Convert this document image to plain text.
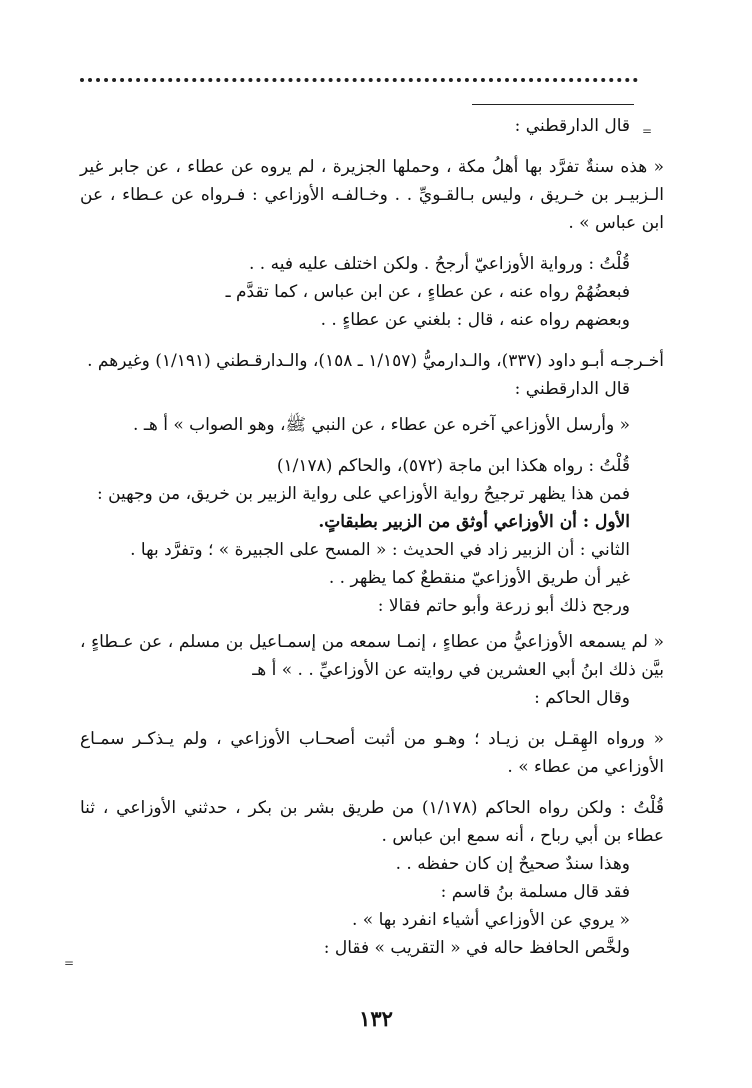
=
=

قال الدارقطني :

« هذه سنةٌ تفرَّد بها أهلُ مكة ، وحملها الجزيرة ، لم يروه عن عطاء ، عن جابر غير الـزبيـر بن خـريق ، وليس بـالقـويِّ . . وخـالفـه الأوزاعي : فـرواه عن عـطاء ، عن ابن عباس » .

قُلْتُ : ورواية الأوزاعيّ أرجحُ . ولكن اختلف عليه فيه . .

فبعضُهُمْ رواه عنه ، عن عطاءٍ ، عن ابن عباس ، كما تقدَّم ـ

وبعضهم رواه عنه ، قال : بلغني عن عطاءٍ . .

أخـرجـه أبـو داود (٣٣٧)، والـدارميُّ (١/١٥٧ ـ ١٥٨)، والـدارقـطني (١/١٩١) وغيرهم .

قال الدارقطني :

« وأرسل الأوزاعي آخره عن عطاء ، عن النبي ﷺ، وهو الصواب » أ هـ .

قُلْتُ : رواه هكذا ابن ماجة (٥٧٢)، والحاكم (١/١٧٨)

فمن هذا يظهر ترجيحُ رواية الأوزاعي على رواية الزبير بن خريق، من وجهين :

الأول : أن الأوزاعي أوثق من الزبير بطبقاتٍ.

الثاني : أن الزبير زاد في الحديث : « المسح على الجبيرة » ؛ وتفرَّد بها .

غير أن طريق الأوزاعيّ منقطعٌ كما يظهر . .

ورجح ذلك أبو زرعة وأبو حاتم فقالا :

« لم يسمعه الأوزاعيُّ من عطاءٍ ، إنمـا سمعه من إسمـاعيل بن مسلم ، عن عـطاءٍ ، بيَّن ذلك ابنُ أبي العشرين في روايته عن الأوزاعيِّ . . » أ هـ

وقال الحاكم :

« ورواه الهِقـل بن زيـاد ؛ وهـو من أثبت أصحـاب الأوزاعي ، ولم يـذكـر سمـاع الأوزاعي من عطاء » .

قُلْتُ : ولكن رواه الحاكم (١/١٧٨) من طريق بشر بن بكر ، حدثني الأوزاعي ، ثنا عطاء بن أبي رباح ، أنه سمع ابن عباس .

وهذا سندٌ صحيحٌ إن كان حفظه . .

فقد قال مسلمة بنُ قاسم :

« يروي عن الأوزاعي أشياء انفرد بها » .

ولخَّص الحافظ حاله في « التقريب » فقال :

١٣٢
